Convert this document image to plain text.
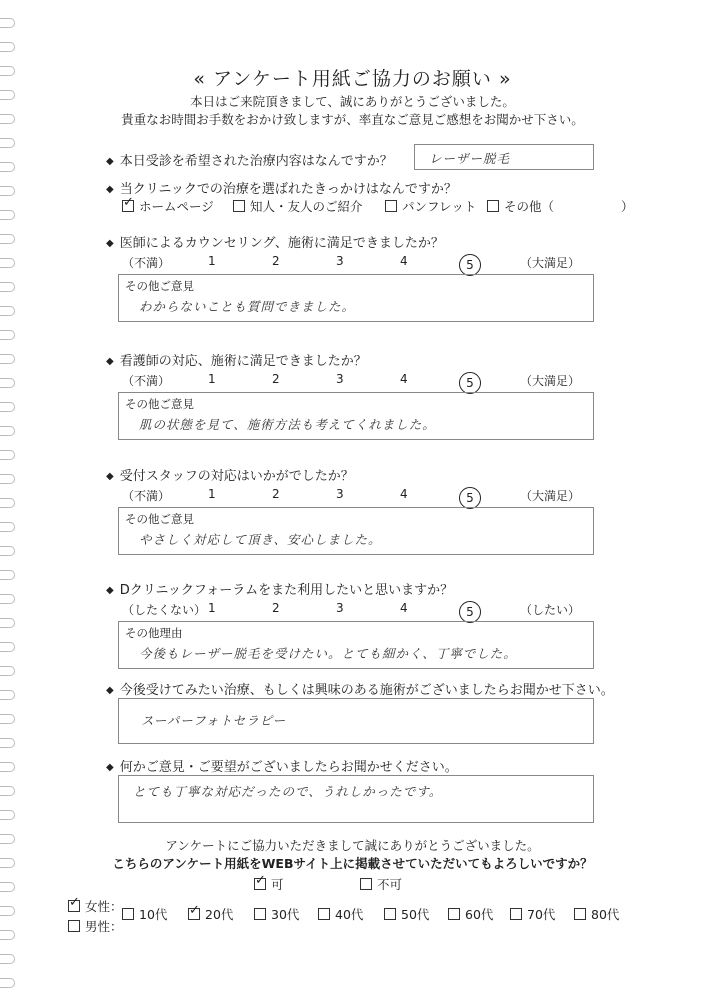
« アンケート用紙ご協力のお願い »
本日はご来院頂きまして、誠にありがとうございました。
貴重なお時間お手数をおかけ致しますが、率直なご意見ご感想をお聞かせ下さい。
◆ 本日受診を希望された治療内容はなんですか？	レーザー脱毛
◆ 当クリニックでの治療を選ばれたきっかけはなんですか？
✓ホームページ	知人・友人のご紹介	パンフレット	その他（	）
◆ 医師によるカウンセリング、施術に満足できましたか？
（不満）	1	2	3	4	5	（大満足）
その他ご意見
わからないことも質問できました。
◆ 看護師の対応、施術に満足できましたか？
（不満）	1	2	3	4	5	（大満足）
その他ご意見
肌の状態を見て、施術方法も考えてくれました。
◆ 受付スタッフの対応はいかがでしたか？
（不満）	1	2	3	4	5	（大満足）
その他ご意見
やさしく対応して頂き、安心しました。
◆ Dクリニックフォーラムをまた利用したいと思いますか？
（したくない） 1	2	3	4	5	（したい）
その他理由
今後もレーザー脱毛を受けたい。とても細かく、丁寧でした。
◆ 今後受けてみたい治療、もしくは興味のある施術がございましたらお聞かせ下さい。
スーパーフォトセラピー
◆ 何かご意見・ご要望がございましたらお聞かせください。
とても丁寧な対応だったので、うれしかったです。
アンケートにご協力いただきまして誠にありがとうございました。
こちらのアンケート用紙をWEBサイト上に掲載させていただいてもよろしいですか？
✓可	不可
✓女性：
男性：
10代
✓	20代	30代	40代	50代	60代	70代	80代
